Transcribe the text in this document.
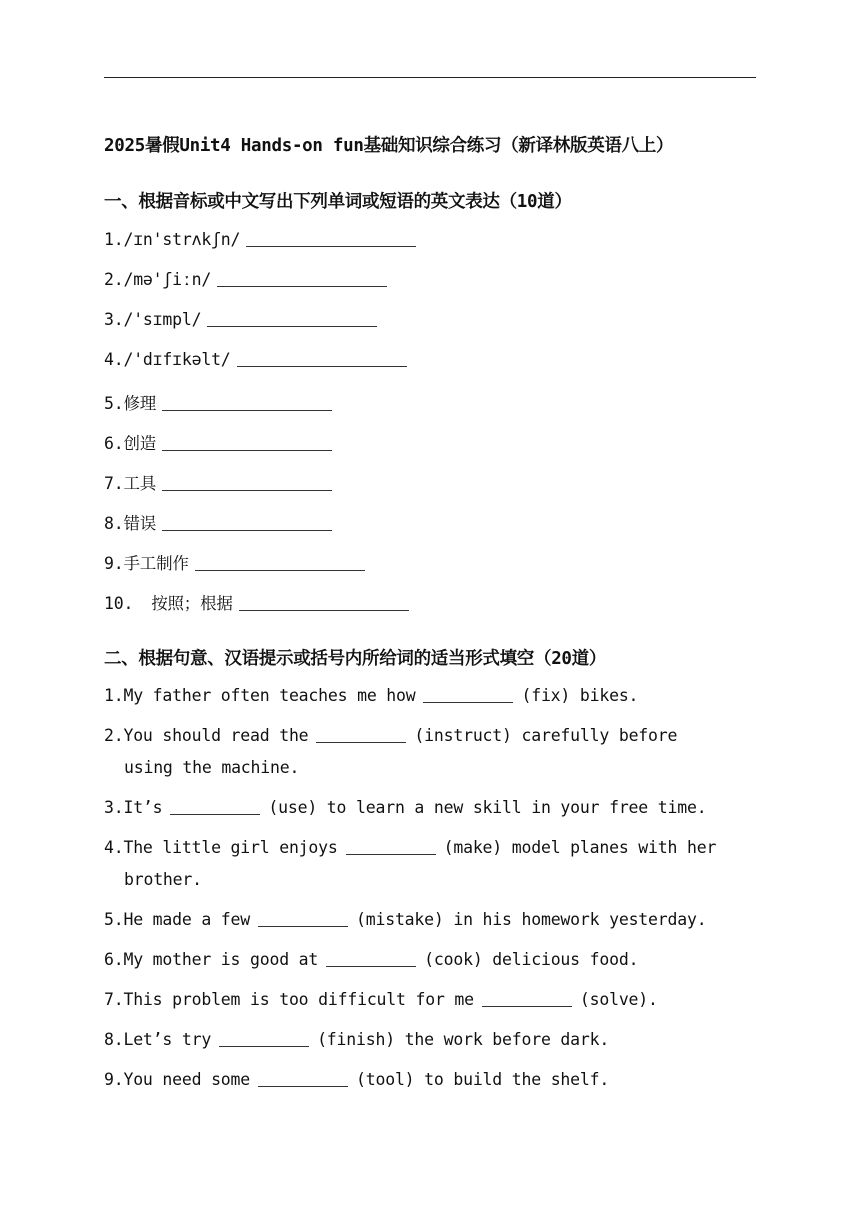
2025暑假Unit4 Hands-on fun基础知识综合练习（新译林版英语八上）
一、根据音标或中文写出下列单词或短语的英文表达（10道）
1./ɪn'strʌkʃn/
2./mə'ʃiːn/
3./'sɪmpl/
4./'dɪfɪkəlt/
5.修理
6.创造
7.工具
8.错误
9.手工制作
10. 按照；根据
二、根据句意、汉语提示或括号内所给词的适当形式填空（20道）
1.My father often teaches me how	(fix) bikes.
2.You should read the	(instruct) carefully before
using the machine.
3.It’s	(use) to learn a new skill in your free time.
4.The little girl enjoys	(make) model planes with her
brother.
5.He made a few	(mistake) in his homework yesterday.
6.My mother is good at	(cook) delicious food.
7.This problem is too difficult for me	(solve).
8.Let’s try	(finish) the work before dark.
9.You need some	(tool) to build the shelf.
